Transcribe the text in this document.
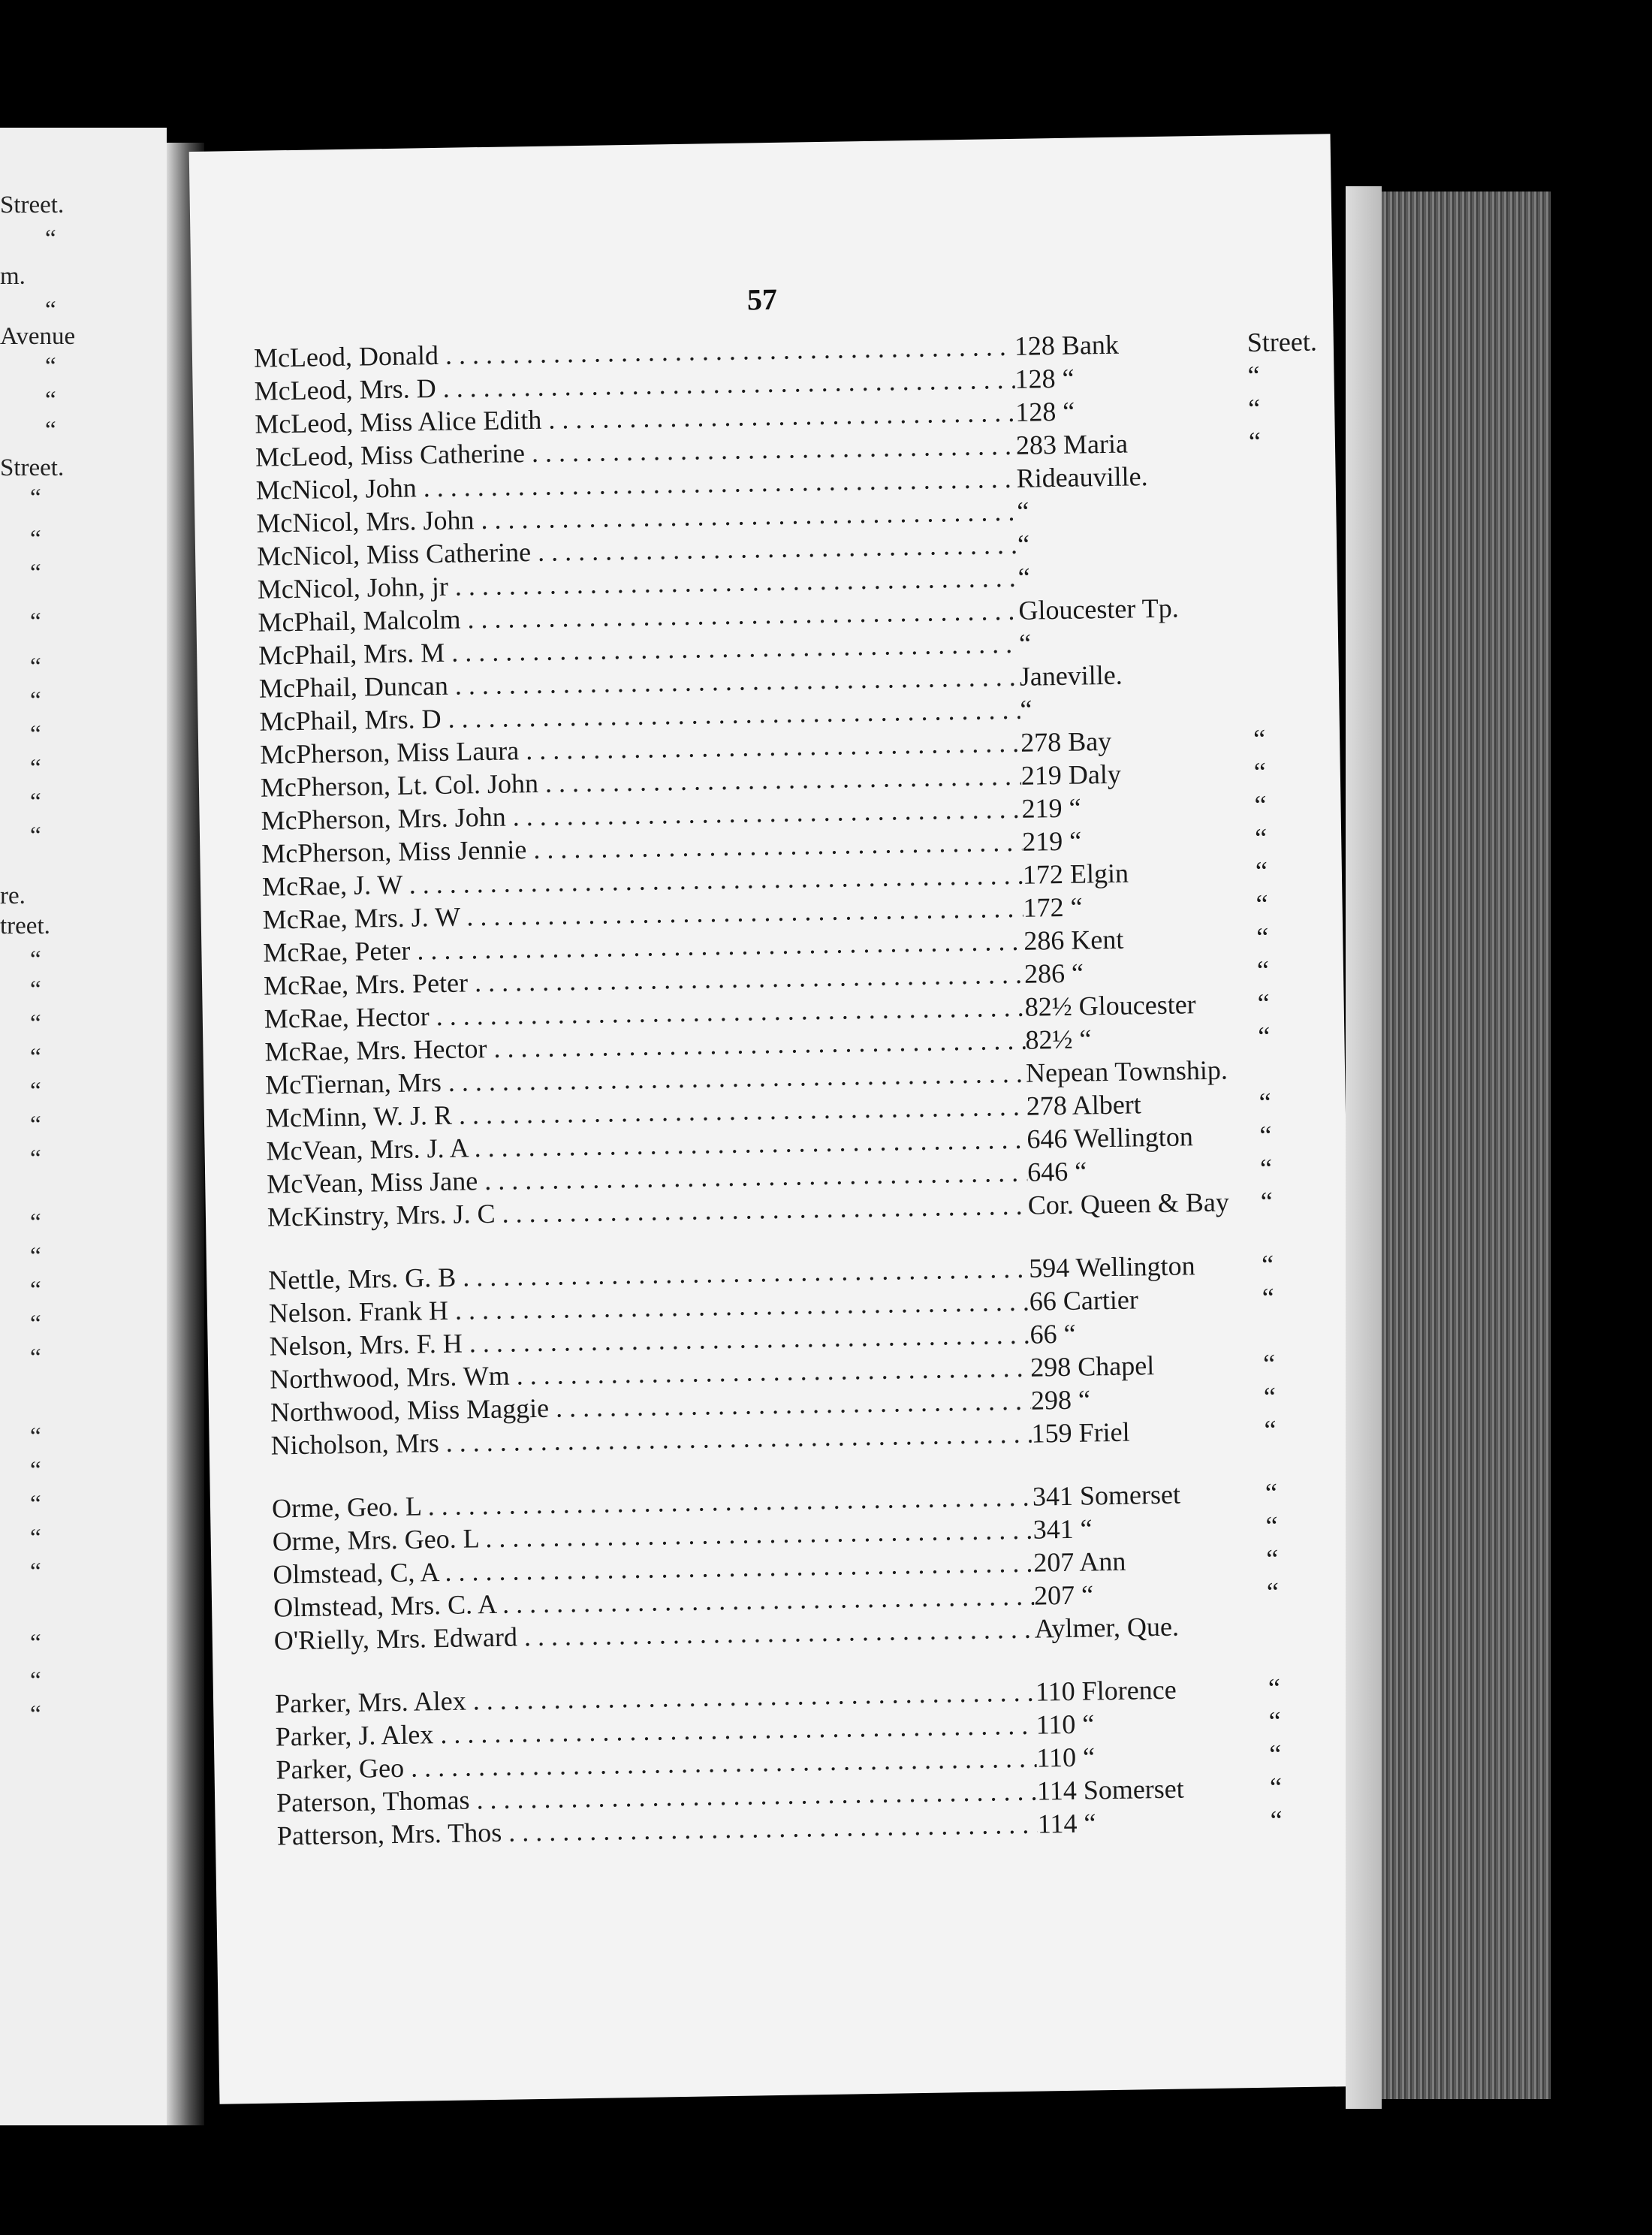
Street.
“
m.
“
Avenue
“
“
“
Street.
“
“
“
“
“
“
“
“
“
“
re.
treet.
“
“
“
“
“
“
“
“
“
“
“
“
“
“
“
“
“
“
“
“
57
McLeod, Donald . . .	128 Bank	Street.
McLeod, Mrs. D . . .	128 “	“
McLeod, Miss Alice Edith . . .	128 “	“
McLeod, Miss Catherine . . .	283 Maria	“
McNicol, John . . .	Rideauville.
McNicol, Mrs. John . . .	“
McNicol, Miss Catherine . . .	“
McNicol, John, jr . . .	“
McPhail, Malcolm . . .	Gloucester Tp.
McPhail, Mrs. M . . .	“
McPhail, Duncan . . .	Janeville.
McPhail, Mrs. D . . .	“
McPherson, Miss Laura . . .	278 Bay	“
McPherson, Lt. Col. John . . .	219 Daly	“
McPherson, Mrs. John . . .	219 “	“
McPherson, Miss Jennie . . .	219 “	“
McRae, J. W . . .	172 Elgin	“
McRae, Mrs. J. W . . .	172 “	“
McRae, Peter . . .	286 Kent	“
McRae, Mrs. Peter . . .	286 “	“
McRae, Hector . . .	82½ Gloucester	“
McRae, Mrs. Hector . . .	82½ “	“
McTiernan, Mrs . . .	Nepean Township.
McMinn, W. J. R . . .	278 Albert	“
McVean, Mrs. J. A . . .	646 Wellington	“
McVean, Miss Jane . . .	646 “	“
McKinstry, Mrs. J. C . . .	Cor. Queen & Bay	“
Nettle, Mrs. G. B . . .	594 Wellington	“
Nelson. Frank H . . .	66 Cartier	“
Nelson, Mrs. F. H . . .	66 “
Northwood, Mrs. Wm . . .	298 Chapel	“
Northwood, Miss Maggie . . .	298 “	“
Nicholson, Mrs . . .	159 Friel	“
Orme, Geo. L . . .	341 Somerset	“
Orme, Mrs. Geo. L . . .	341 “	“
Olmstead, C, A . . .	207 Ann	“
Olmstead, Mrs. C. A . . .	207 “	“
O'Rielly, Mrs. Edward . . .	Aylmer, Que.
Parker, Mrs. Alex . . .	110 Florence	“
Parker, J. Alex . . .	110 “	“
Parker, Geo . . .	110 “	“
Paterson, Thomas . . .	114 Somerset	“
Patterson, Mrs. Thos . . .	114 “	“
